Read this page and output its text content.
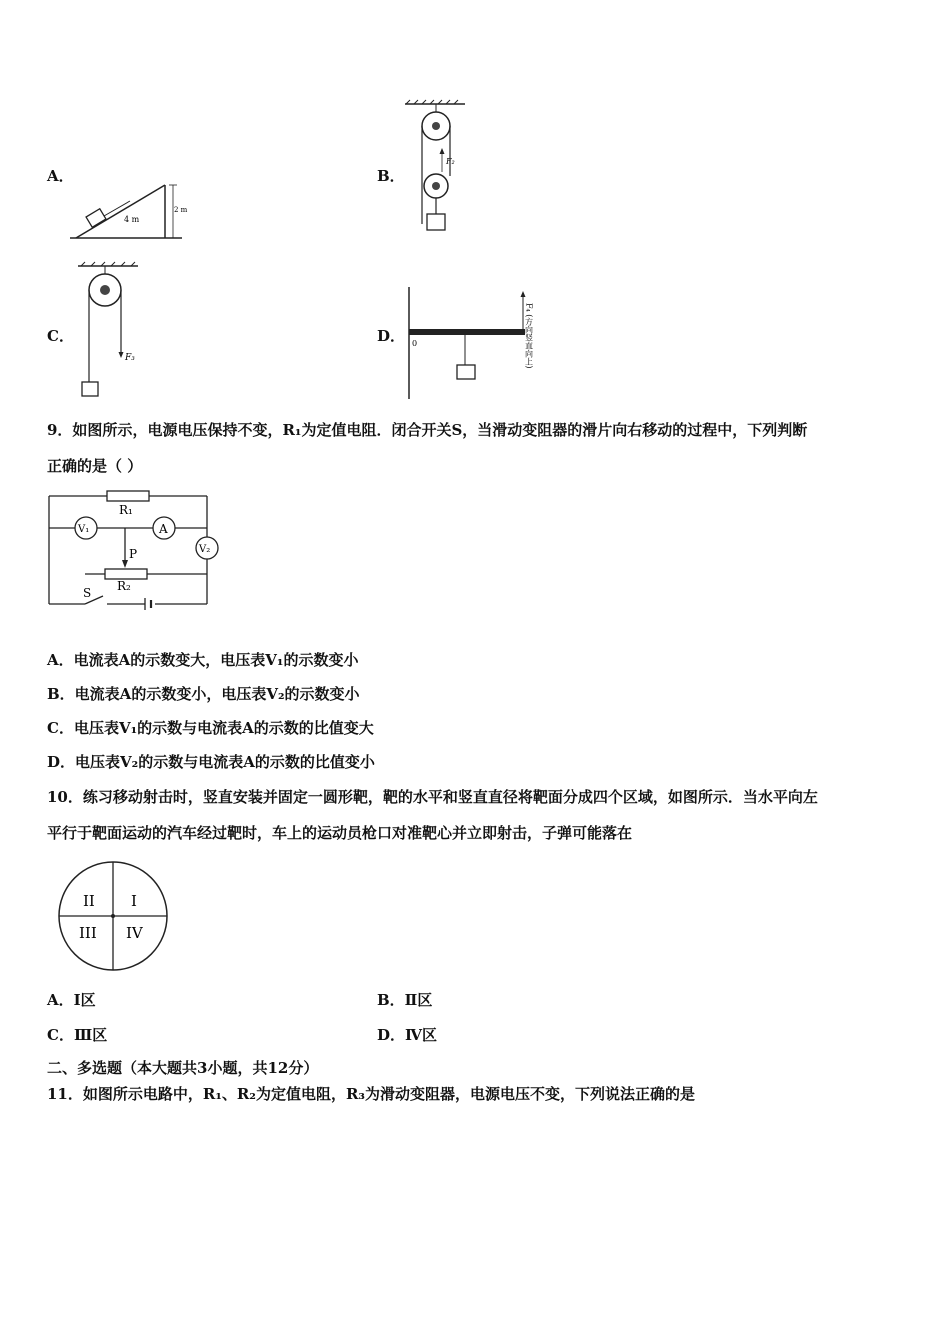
A．
4 m
2 m
B．
F₂
C．
F₃
D． 0	F₄ (方向竖直向上)
9．如图所示，电源电压保持不变，R₁为定值电阻．闭合开关S，当滑动变阻器的滑片向右移动的过程中，下列判断
正确的是（ ）
R₁
V₁	A
V₂
P
R₂
S
A．电流表A的示数变大，电压表V₁的示数变小
B．电流表A的示数变小，电压表V₂的示数变小
C．电压表V₁的示数与电流表A的示数的比值变大
D．电压表V₂的示数与电流表A的示数的比值变小
10．练习移动射击时，竖直安装并固定一圆形靶，靶的水平和竖直直径将靶面分成四个区域，如图所示．当水平向左
平行于靶面运动的汽车经过靶时，车上的运动员枪口对准靶心并立即射击，子弹可能落在
II I
III IV
A．Ⅰ区	B．Ⅱ区
C．Ⅲ区	D．Ⅳ区
二、多选题（本大题共3小题，共12分）
11．如图所示电路中，R₁、R₂为定值电阻，R₃为滑动变阻器，电源电压不变，下列说法正确的是
